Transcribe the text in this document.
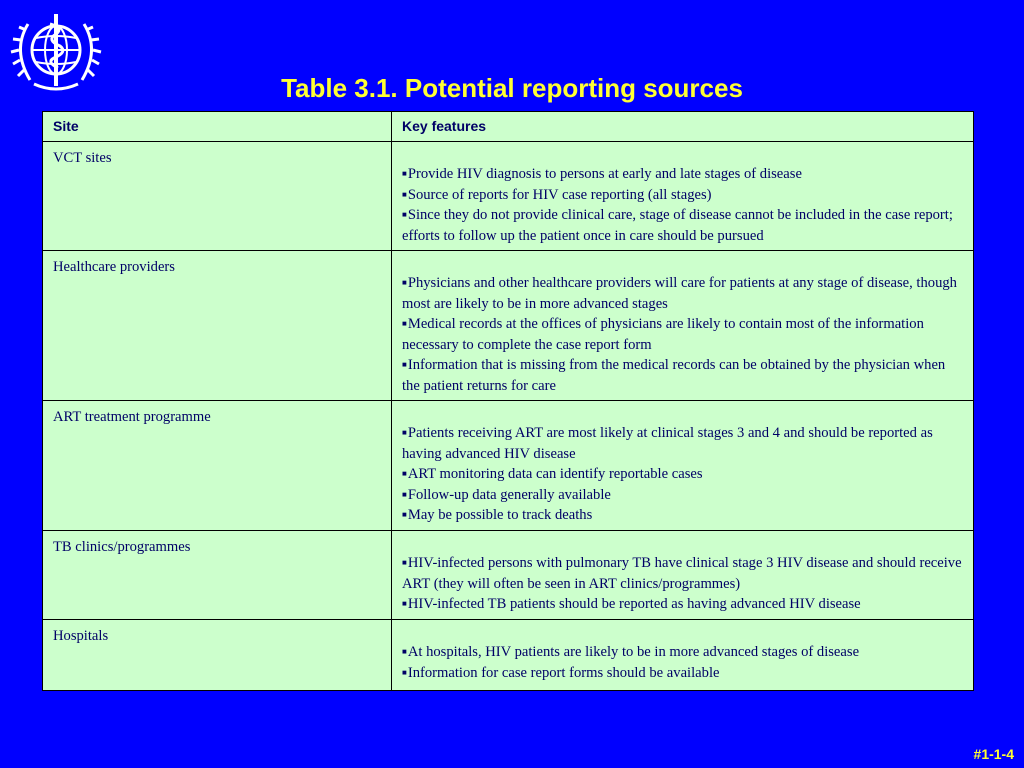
Table 3.1. Potential reporting sources
Site	Key features
VCT sites	■Provide HIV diagnosis to persons at early and late stages of disease
■Source of reports for HIV case reporting (all stages)
■Since they do not provide clinical care, stage of disease cannot be included in the case report; efforts to follow up the patient once in care should be pursued

Healthcare providers	■Physicians and other healthcare providers will care for patients at any stage of disease, though most are likely to be in more advanced stages
■Medical records at the offices of physicians are likely to contain most of the information necessary to complete the case report form
■Information that is missing from the medical records can be obtained by the physician when the patient returns for care

ART treatment programme	■Patients receiving ART are most likely at clinical stages 3 and 4 and should be reported as having advanced HIV disease
■ART monitoring data can identify reportable cases
■Follow-up data generally available
■May be possible to track deaths

TB clinics/programmes	■HIV-infected persons with pulmonary TB have clinical stage 3 HIV disease and should receive ART (they will often be seen in ART clinics/programmes)
■HIV-infected TB patients should be reported as having advanced HIV disease

Hospitals	■At hospitals, HIV patients are likely to be in more advanced stages of disease
■Information for case report forms should be available
#1-1-4
